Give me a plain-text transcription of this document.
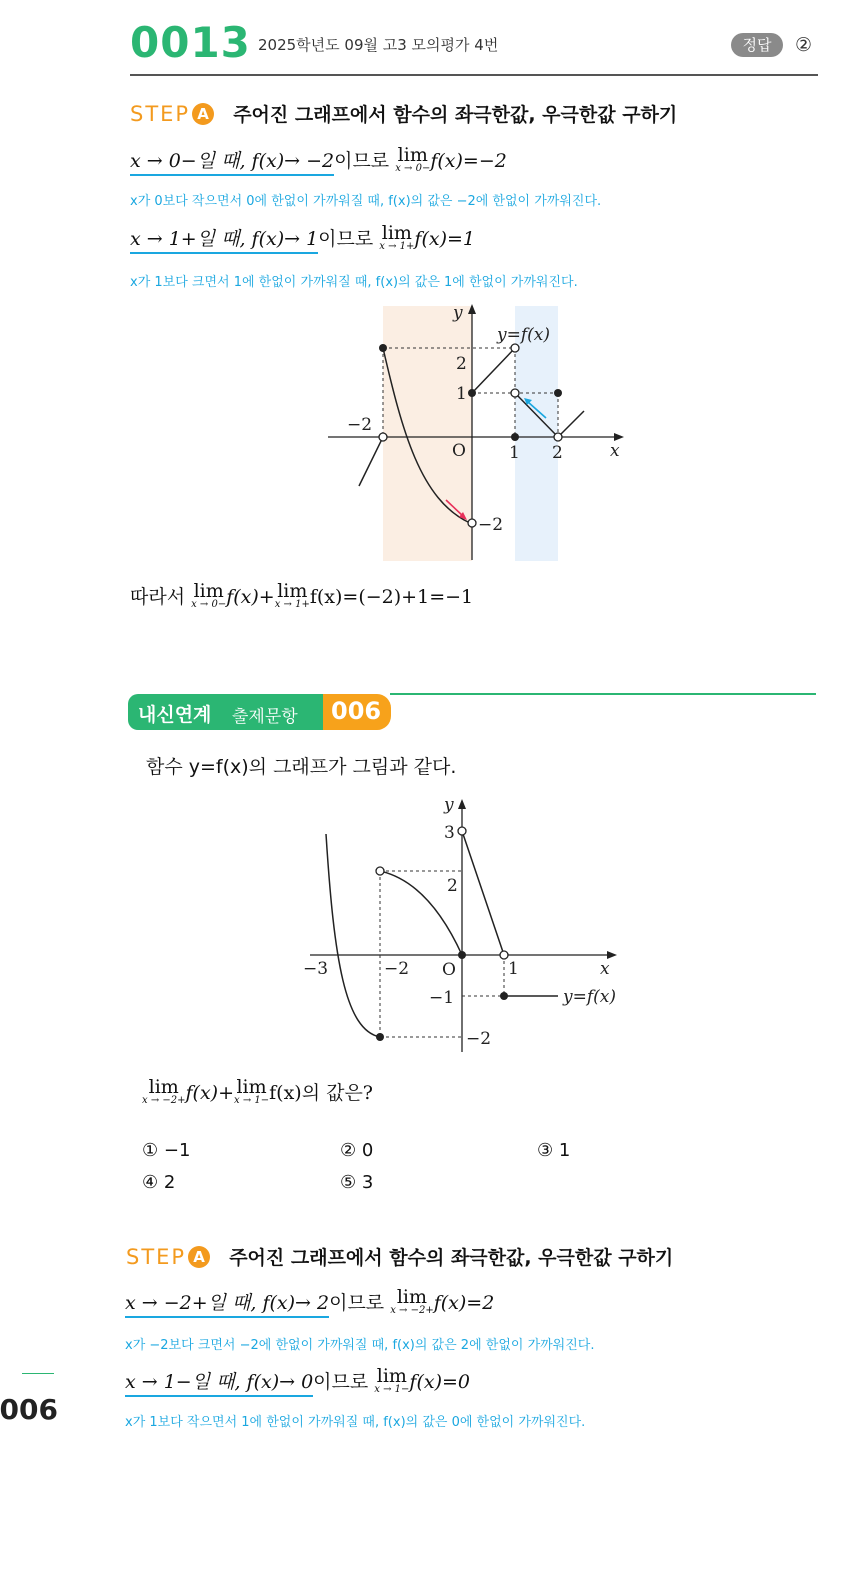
0013 2025학년도 09월 고3 모의평가 4번	정답	②
STEP A 주어진 그래프에서 함수의 좌극한값, 우극한값 구하기
x → 0−일 때, f(x)→ −2이므로 lim
x → 0− f(x)=−2
x가 0보다 작으면서 0에 한없이 가까워질 때, f(x)의 값은 −2에 한없이 가까워진다.
x → 1+일 때, f(x)→ 1이므로 lim
x → 1+ f(x)=1
x가 1보다 크면서 1에 한없이 가까워질 때, f(x)의 값은 1에 한없이 가까워진다.
y
x
y=f(x)
O
2
1
−2
−2
1 2
따라서 lim
x → 0− f(x)+ lim
x → 1+ f(x)=(−2)+1=−1
내신연계 출제문항 006
함수 y=f(x)의 그래프가 그림과 같다.
y
x
y=f(x)
O
3
2
−3	−2	1
−1
−2
lim
x → −2+ f(x)+ lim
x → 1− f(x)의 값은?
① −1	② 0	③ 1
④ 2	⑤ 3
STEP A 주어진 그래프에서 함수의 좌극한값, 우극한값 구하기
x → −2+일 때, f(x)→ 2이므로 lim
x → −2+ f(x)=2
x가 −2보다 크면서 −2에 한없이 가까워질 때, f(x)의 값은 2에 한없이 가까워진다.
x → 1−일 때, f(x)→ 0이므로 lim
x → 1− f(x)=0
x가 1보다 작으면서 1에 한없이 가까워질 때, f(x)의 값은 0에 한없이 가까워진다.
006
